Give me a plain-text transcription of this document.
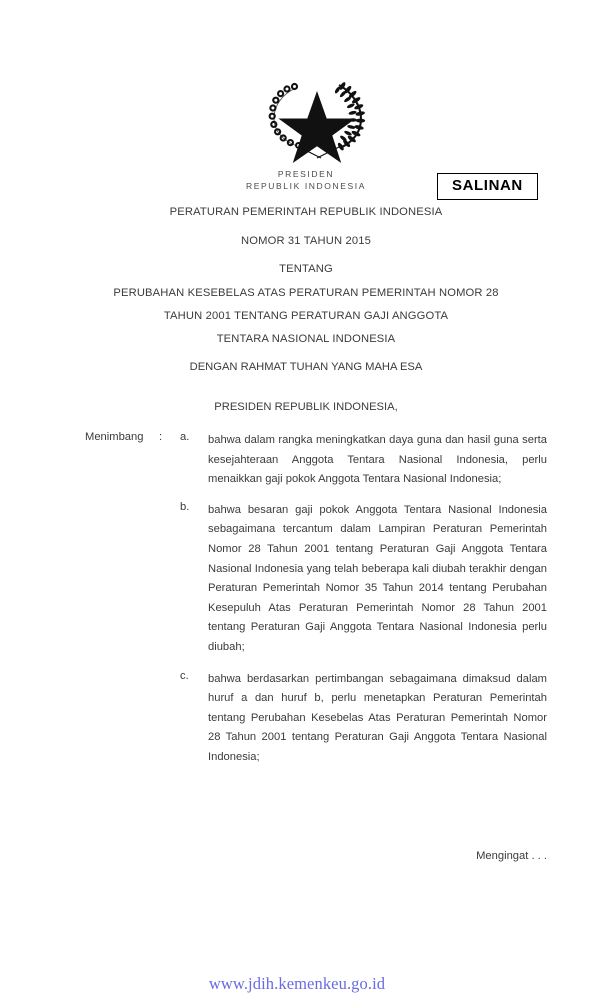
SALINAN
PRESIDEN
REPUBLIK INDONESIA
PERATURAN PEMERINTAH REPUBLIK INDONESIA
NOMOR 31 TAHUN 2015
TENTANG
PERUBAHAN KESEBELAS ATAS PERATURAN PEMERINTAH NOMOR 28
TAHUN 2001 TENTANG PERATURAN GAJI ANGGOTA
TENTARA NASIONAL INDONESIA
DENGAN RAHMAT TUHAN YANG MAHA ESA
PRESIDEN REPUBLIK INDONESIA,
Menimbang : a. bahwa dalam rangka meningkatkan daya guna dan hasil guna serta kesejahteraan Anggota Tentara Nasional Indonesia, perlu menaikkan gaji pokok Anggota Tentara Nasional Indonesia;
b. bahwa besaran gaji pokok Anggota Tentara Nasional Indonesia sebagaimana tercantum dalam Lampiran Peraturan Pemerintah Nomor 28 Tahun 2001 tentang Peraturan Gaji Anggota Tentara Nasional Indonesia yang telah beberapa kali diubah terakhir dengan Peraturan Pemerintah Nomor 35 Tahun 2014 tentang Perubahan Kesepuluh Atas Peraturan Pemerintah Nomor 28 Tahun 2001 tentang Peraturan Gaji Anggota Tentara Nasional Indonesia perlu diubah;
c. bahwa berdasarkan pertimbangan sebagaimana dimaksud dalam huruf a dan huruf b, perlu menetapkan Peraturan Pemerintah tentang Perubahan Kesebelas Atas Peraturan Pemerintah Nomor 28 Tahun 2001 tentang Peraturan Gaji Anggota Tentara Nasional Indonesia;
Mengingat . . .
www.jdih.kemenkeu.go.id
